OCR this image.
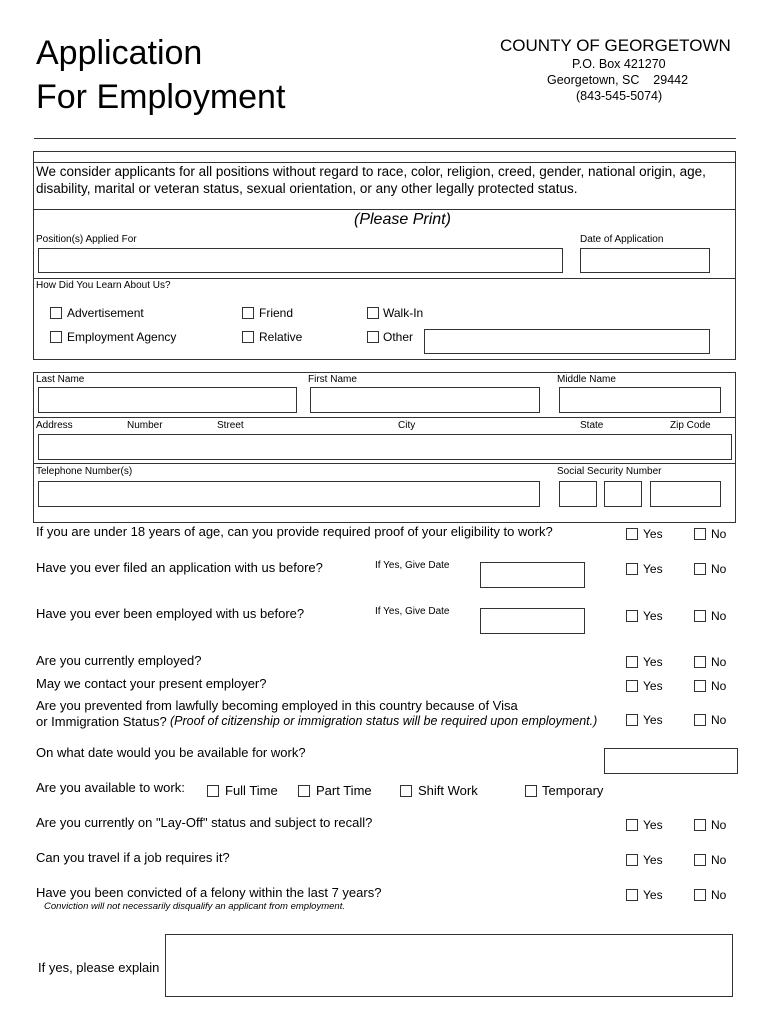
Application
For Employment
COUNTY OF GEORGETOWN
P.O. Box 421270
Georgetown, SC    29442
(843-545-5074)
We consider applicants for all positions without regard to race, color, religion, creed, gender, national origin, age, disability, marital or veteran status, sexual orientation, or any other legally protected status.
(Please Print)
Position(s) Applied For	Date of Application
How Did You Learn About Us?
Advertisement
Employment Agency
Friend
Relative
Walk-In
Other
Last Name	First Name	Middle Name
Address	Number	Street	City	State	Zip Code
Telephone Number(s)	Social Security Number
If you are under 18 years of age, can you provide required proof of your eligibility to work?	Yes	No
Have you ever filed an application with us before?	If Yes, Give Date	Yes	No
Have you ever been employed with us before?	If Yes, Give Date	Yes	No
Are you currently employed?	Yes	No
May we contact your present employer?	Yes	No
Are you prevented from lawfully becoming employed in this country because of Visa
or Immigration Status? (Proof of citizenship or immigration status will be required upon employment.)	Yes	No
On what date would you be available for work?
Are you available to work:	Full Time	Part Time	Shift Work	Temporary
Are you currently on "Lay-Off" status and subject to recall?	Yes	No
Can you travel if a job requires it?	Yes	No
Have you been convicted of a felony within the last 7 years?
Conviction will not necessarily disqualify an applicant from employment.
Yes	No
If yes, please explain
